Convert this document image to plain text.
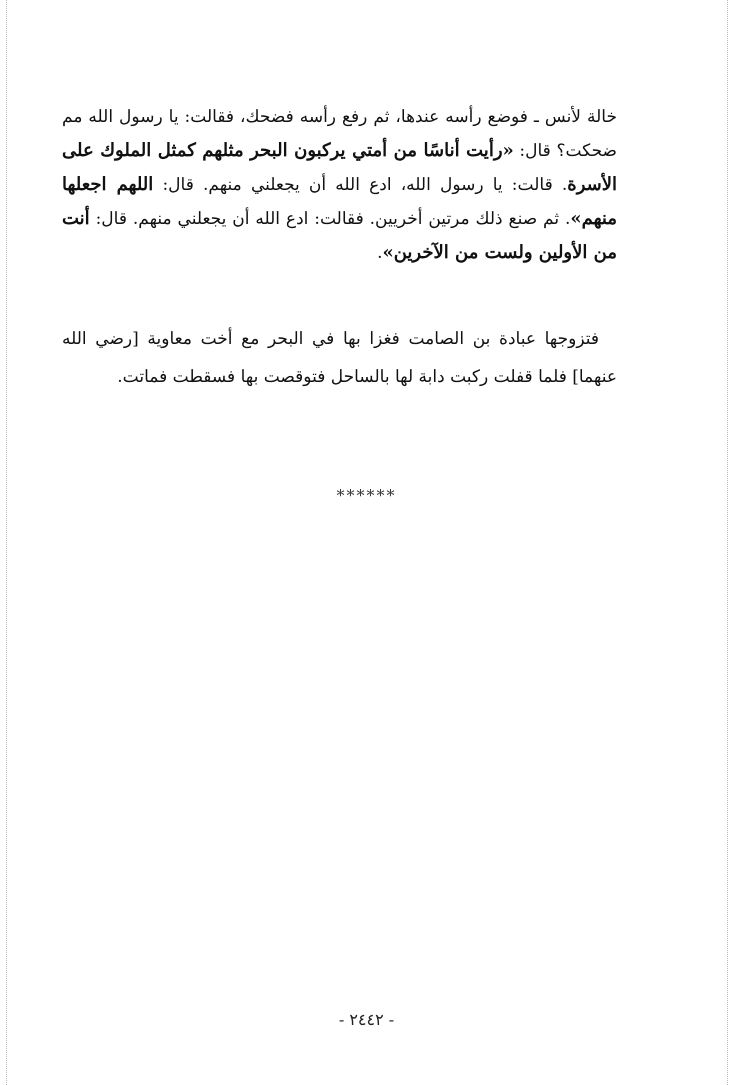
خالة لأنس ـ فوضع رأسه عندها، ثم رفع رأسه فضحك، فقالت: يا رسول الله مم ضحكت؟ قال: «رأيت أناسًا من أمتي يركبون البحر مثلهم كمثل الملوك على الأسرة. قالت: يا رسول الله، ادع الله أن يجعلني منهم. قال: اللهم اجعلها منهم». ثم صنع ذلك مرتين أخريين. فقالت: ادع الله أن يجعلني منهم. قال: أنت من الأولين ولست من الآخرين».
فتزوجها عبادة بن الصامت فغزا بها في البحر مع أخت معاوية [رضي الله عنهما] فلما قفلت ركبت دابة لها بالساحل فتوقصت بها فسقطت فماتت.
******
- ٢٤٤٢ -
